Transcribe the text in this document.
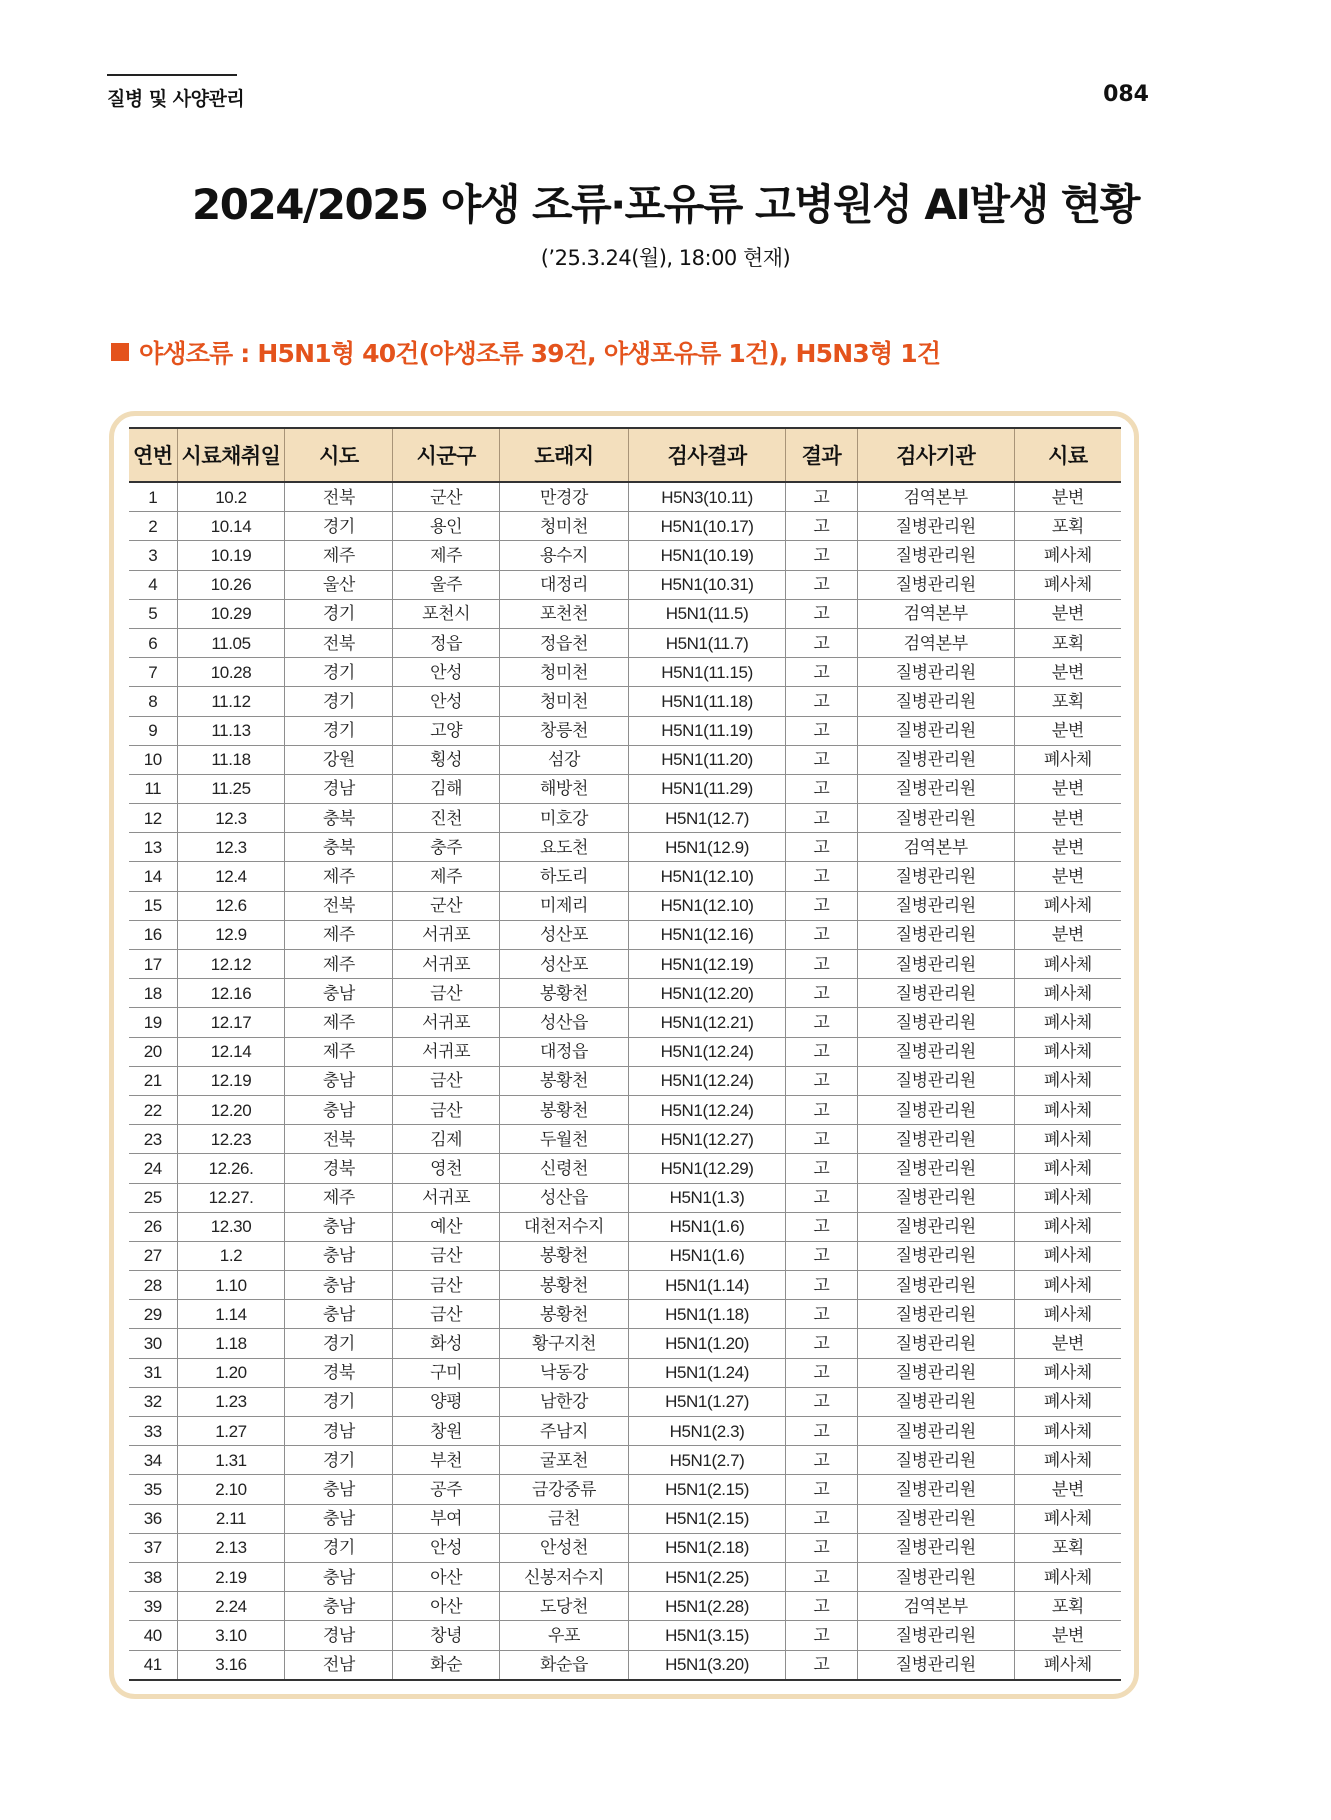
질병 및 사양관리	084
2024/2025 야생 조류·포유류 고병원성 AI발생 현황
(’25.3.24(월), 18:00 현재)
야생조류 : H5N1형 40건(야생조류 39건, 야생포유류 1건), H5N3형 1건
연번	시료채취일	시도	시군구	도래지	검사결과	결과	검사기관	시료
1	10.2	전북	군산	만경강	H5N3(10.11)	고	검역본부	분변
2	10.14	경기	용인	청미천	H5N1(10.17)	고	질병관리원	포획
3	10.19	제주	제주	용수지	H5N1(10.19)	고	질병관리원	폐사체
4	10.26	울산	울주	대정리	H5N1(10.31)	고	질병관리원	폐사체
5	10.29	경기	포천시	포천천	H5N1(11.5)	고	검역본부	분변
6	11.05	전북	정읍	정읍천	H5N1(11.7)	고	검역본부	포획
7	10.28	경기	안성	청미천	H5N1(11.15)	고	질병관리원	분변
8	11.12	경기	안성	청미천	H5N1(11.18)	고	질병관리원	포획
9	11.13	경기	고양	창릉천	H5N1(11.19)	고	질병관리원	분변
10	11.18	강원	횡성	섬강	H5N1(11.20)	고	질병관리원	폐사체
11	11.25	경남	김해	해방천	H5N1(11.29)	고	질병관리원	분변
12	12.3	충북	진천	미호강	H5N1(12.7)	고	질병관리원	분변
13	12.3	충북	충주	요도천	H5N1(12.9)	고	검역본부	분변
14	12.4	제주	제주	하도리	H5N1(12.10)	고	질병관리원	분변
15	12.6	전북	군산	미제리	H5N1(12.10)	고	질병관리원	폐사체
16	12.9	제주	서귀포	성산포	H5N1(12.16)	고	질병관리원	분변
17	12.12	제주	서귀포	성산포	H5N1(12.19)	고	질병관리원	폐사체
18	12.16	충남	금산	봉황천	H5N1(12.20)	고	질병관리원	폐사체
19	12.17	제주	서귀포	성산읍	H5N1(12.21)	고	질병관리원	폐사체
20	12.14	제주	서귀포	대정읍	H5N1(12.24)	고	질병관리원	폐사체
21	12.19	충남	금산	봉황천	H5N1(12.24)	고	질병관리원	폐사체
22	12.20	충남	금산	봉황천	H5N1(12.24)	고	질병관리원	폐사체
23	12.23	전북	김제	두월천	H5N1(12.27)	고	질병관리원	폐사체
24	12.26.	경북	영천	신령천	H5N1(12.29)	고	질병관리원	폐사체
25	12.27.	제주	서귀포	성산읍	H5N1(1.3)	고	질병관리원	폐사체
26	12.30	충남	예산	대천저수지	H5N1(1.6)	고	질병관리원	폐사체
27	1.2	충남	금산	봉황천	H5N1(1.6)	고	질병관리원	폐사체
28	1.10	충남	금산	봉황천	H5N1(1.14)	고	질병관리원	폐사체
29	1.14	충남	금산	봉황천	H5N1(1.18)	고	질병관리원	폐사체
30	1.18	경기	화성	황구지천	H5N1(1.20)	고	질병관리원	분변
31	1.20	경북	구미	낙동강	H5N1(1.24)	고	질병관리원	폐사체
32	1.23	경기	양평	남한강	H5N1(1.27)	고	질병관리원	폐사체
33	1.27	경남	창원	주남지	H5N1(2.3)	고	질병관리원	폐사체
34	1.31	경기	부천	굴포천	H5N1(2.7)	고	질병관리원	폐사체
35	2.10	충남	공주	금강중류	H5N1(2.15)	고	질병관리원	분변
36	2.11	충남	부여	금천	H5N1(2.15)	고	질병관리원	폐사체
37	2.13	경기	안성	안성천	H5N1(2.18)	고	질병관리원	포획
38	2.19	충남	아산	신봉저수지	H5N1(2.25)	고	질병관리원	폐사체
39	2.24	충남	아산	도당천	H5N1(2.28)	고	검역본부	포획
40	3.10	경남	창녕	우포	H5N1(3.15)	고	질병관리원	분변
41	3.16	전남	화순	화순읍	H5N1(3.20)	고	질병관리원	폐사체
